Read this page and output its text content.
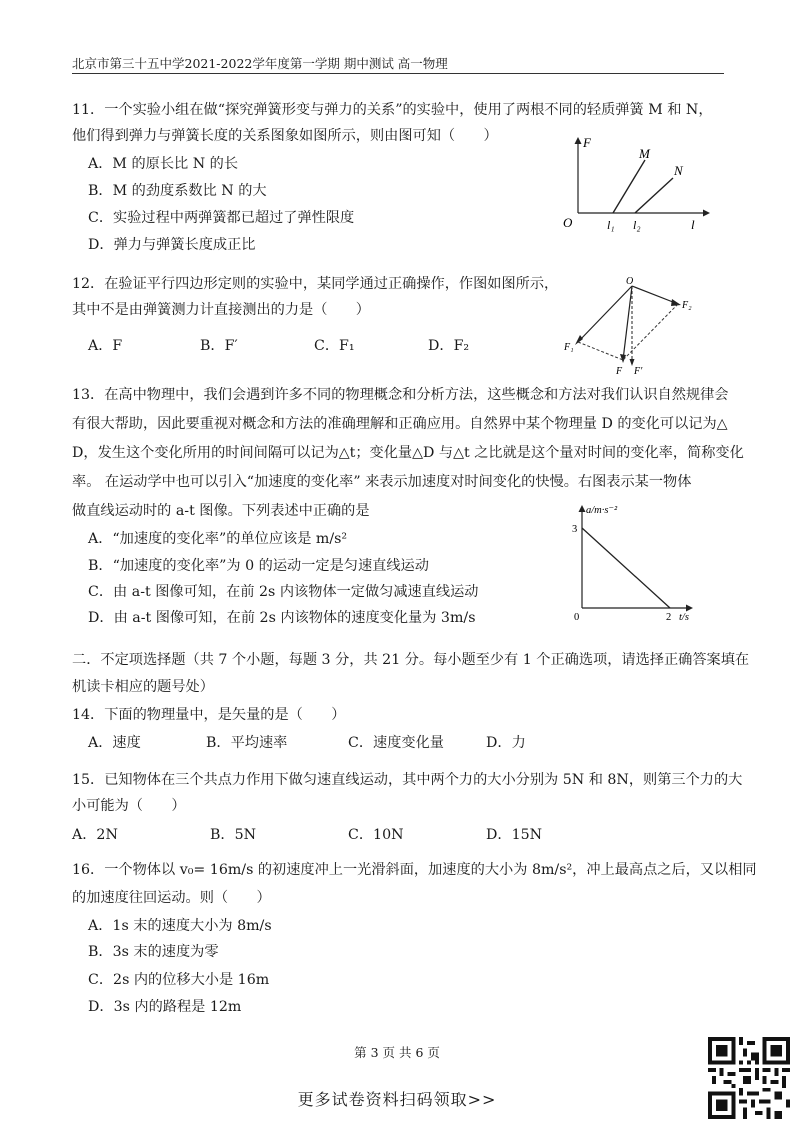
北京市第三十五中学2021-2022学年度第一学期 期中测试 高一物理
11．一个实验小组在做“探究弹簧形变与弹力的关系”的实验中，使用了两根不同的轻质弹簧 M 和 N，
他们得到弹力与弹簧长度的关系图象如图所示，则由图可知（　　）
A．M 的原长比 N 的长
B．M 的劲度系数比 N 的大
C．实验过程中两弹簧都已超过了弹性限度
D．弹力与弹簧长度成正比
F
M
N
O	l₁ l₂	l
12．在验证平行四边形定则的实验中，某同学通过正确操作，作图如图所示，
其中不是由弹簧测力计直接测出的力是（　　）
A．F	B．F′	C．F₁	D．F₂
O
F₂
F₁
F F′
13．在高中物理中，我们会遇到许多不同的物理概念和分析方法，这些概念和方法对我们认识自然规律会
有很大帮助，因此要重视对概念和方法的准确理解和正确应用。自然界中某个物理量 D 的变化可以记为△
D，发生这个变化所用的时间间隔可以记为△t；变化量△D 与△t 之比就是这个量对时间的变化率，简称变化
率。 在运动学中也可以引入“加速度的变化率” 来表示加速度对时间变化的快慢。右图表示某一物体
做直线运动时的 a-t 图像。下列表述中正确的是
A．“加速度的变化率”的单位应该是 m/s²
B．“加速度的变化率”为 0 的运动一定是匀速直线运动
C．由 a-t 图像可知，在前 2s 内该物体一定做匀减速直线运动
D．由 a-t 图像可知，在前 2s 内该物体的速度变化量为 3m/s
a/m·s⁻²
3
0	2 t/s
二．不定项选择题（共 7 个小题，每题 3 分，共 21 分。每小题至少有 1 个正确选项，请选择正确答案填在
机读卡相应的题号处）
14．下面的物理量中，是矢量的是（　　）
A．速度	B．平均速率	C．速度变化量	D．力
15．已知物体在三个共点力作用下做匀速直线运动，其中两个力的大小分别为 5N 和 8N，则第三个力的大
小可能为（　　）
A．2N	B．5N	C．10N	D．15N
16．一个物体以 v₀= 16m/s 的初速度冲上一光滑斜面，加速度的大小为 8m/s²，冲上最高点之后，又以相同
的加速度往回运动。则（　　）
A．1s 末的速度大小为 8m/s
B．3s 末的速度为零
C．2s 内的位移大小是 16m
D．3s 内的路程是 12m
第 3 页 共 6 页
更多试卷资料扫码领取>>
